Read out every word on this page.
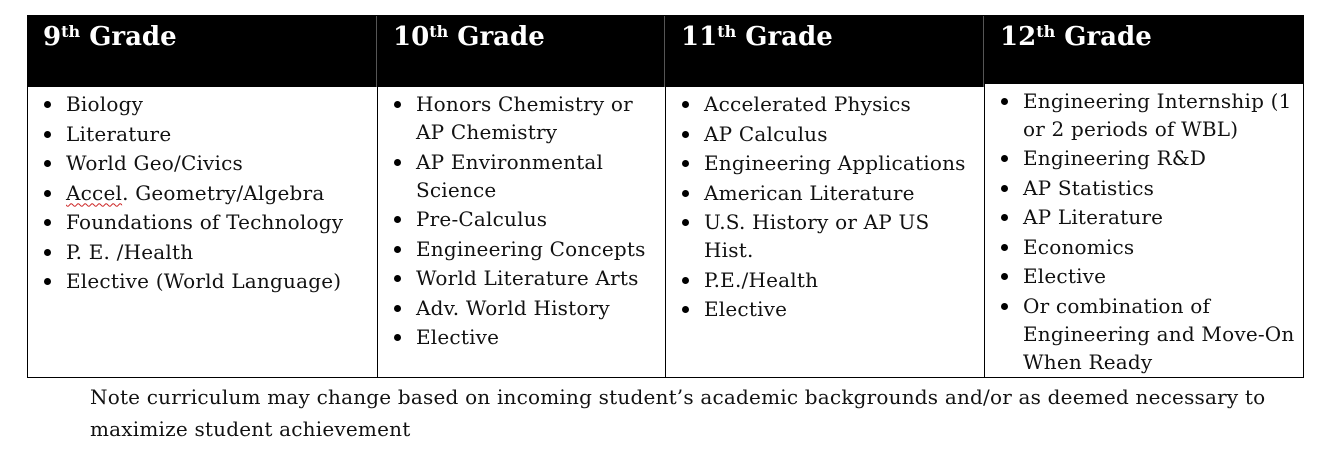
9th Grade
Biology
Literature
World Geo/Civics
Accel. Geometry/Algebra
Foundations of Technology
P. E. /Health
Elective (World Language)
10th Grade
Honors Chemistry or AP Chemistry
AP Environmental Science
Pre-Calculus
Engineering Concepts
World Literature Arts
Adv. World History
Elective
11th Grade
Accelerated Physics
AP Calculus
Engineering Applications
American Literature
U.S. History or AP US Hist.
P.E./Health
Elective
12th Grade
Engineering Internship (1 or 2 periods of WBL)
Engineering R&D
AP Statistics
AP Literature
Economics
Elective
Or combination of Engineering and Move-On When Ready
Note curriculum may change based on incoming student’s academic backgrounds and/or as deemed necessary to maximize student achievement
